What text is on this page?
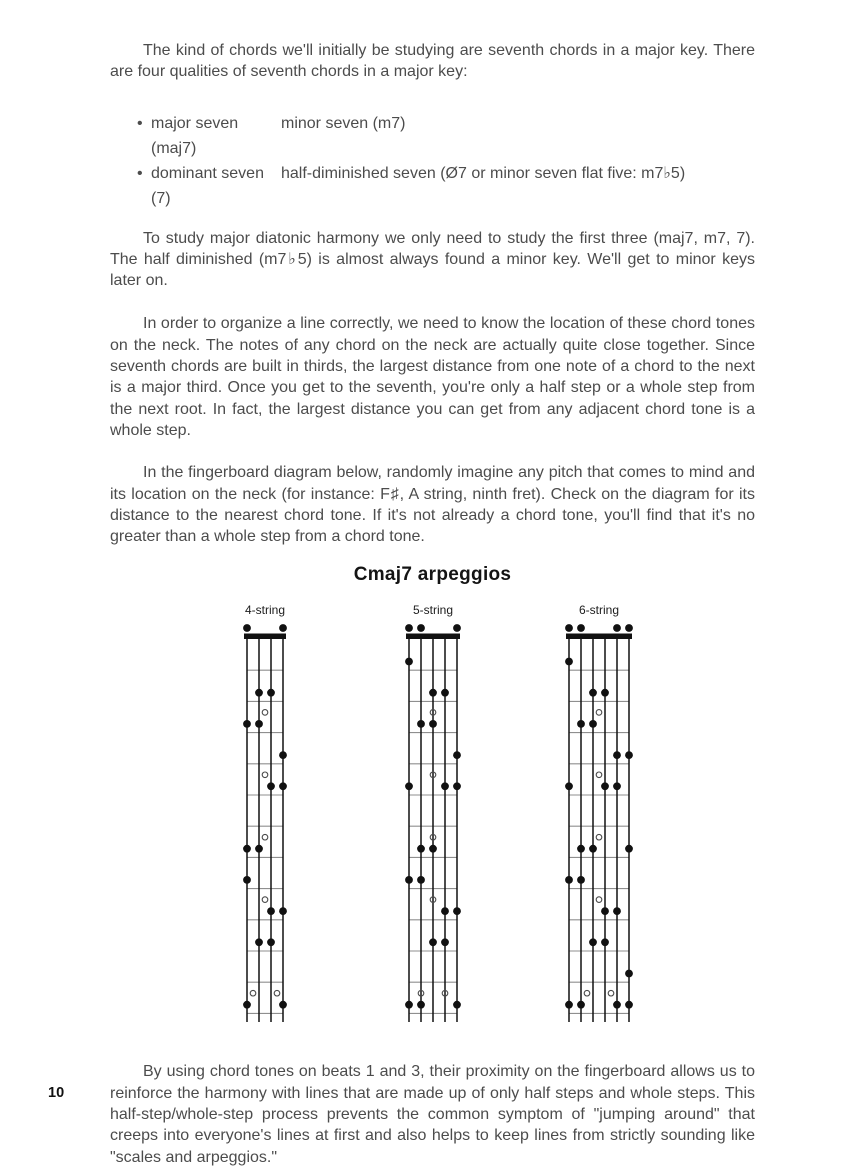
The kind of chords we'll initially be studying are seventh chords in a major key. There are four qualities of seventh chords in a major key:

• major seven (maj7)
minor seven (m7)
• dominant seven (7)
half-diminished seven (Ø7 or minor seven flat five: m7♭5)

To study major diatonic harmony we only need to study the first three (maj7, m7, 7). The half diminished (m7♭5) is almost always found a minor key. We'll get to minor keys later on.

In order to organize a line correctly, we need to know the location of these chord tones on the neck. The notes of any chord on the neck are actually quite close together. Since seventh chords are built in thirds, the largest distance from one note of a chord to the next is a major third. Once you get to the seventh, you're only a half step or a whole step from the next root. In fact, the largest distance you can get from any adjacent chord tone is a whole step.

In the fingerboard diagram below, randomly imagine any pitch that comes to mind and its location on the neck (for instance: F♯, A string, ninth fret). Check on the diagram for its distance to the nearest chord tone. If it's not already a chord tone, you'll find that it's no greater than a whole step from a chord tone.

Cmaj7 arpeggios
4-string	5-string	6-string

By using chord tones on beats 1 and 3, their proximity on the fingerboard allows us to reinforce the harmony with lines that are made up of only half steps and whole steps. This half-step/whole-step process prevents the common symptom of "jumping around" that creeps into everyone's lines at first and also helps to keep lines from strictly sounding like "scales and arpeggios."

10
